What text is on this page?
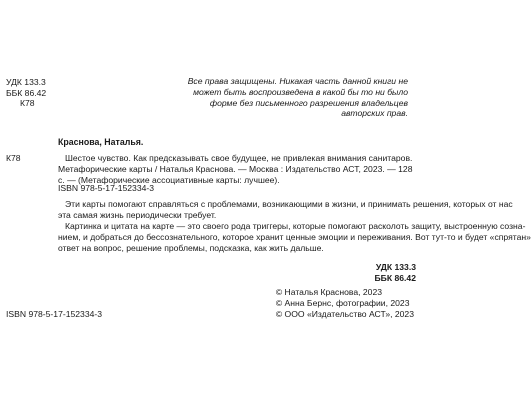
УДК 133.3
ББК 86.42
К78
Все права защищены. Никакая часть данной книги не может быть воспроизведена в какой бы то ни было форме без письменного разрешения владельцев авторских прав.
Краснова, Наталья.
К78	Шестое чувство. Как предсказывать свое будущее, не привлекая внимания санитаров. Метафорические карты / Наталья Краснова. — Москва : Издательство АСТ, 2023. — 128 с. — (Метафорические ассоциативные карты: лучшее).
ISBN 978-5-17-152334-3

Эти карты помогают справляться с проблемами, возникающими в жизни, и принимать решения, которых от нас

эта самая жизнь периодически требует.

Картинка и цитата на карте — это своего рода триггеры, которые помогают расколоть защиту, выстроенную созна-

нием, и добраться до бессознательного, которое хранит ценные эмоции и переживания. Вот тут-то и будет «спрятан»

ответ на вопрос, решение проблемы, подсказка, как жить дальше.

УДК 133.3
ББК 86.42
© Наталья Краснова, 2023
© Анна Бернс, фотографии, 2023
© ООО «Издательство АСТ», 2023
ISBN 978-5-17-152334-3
